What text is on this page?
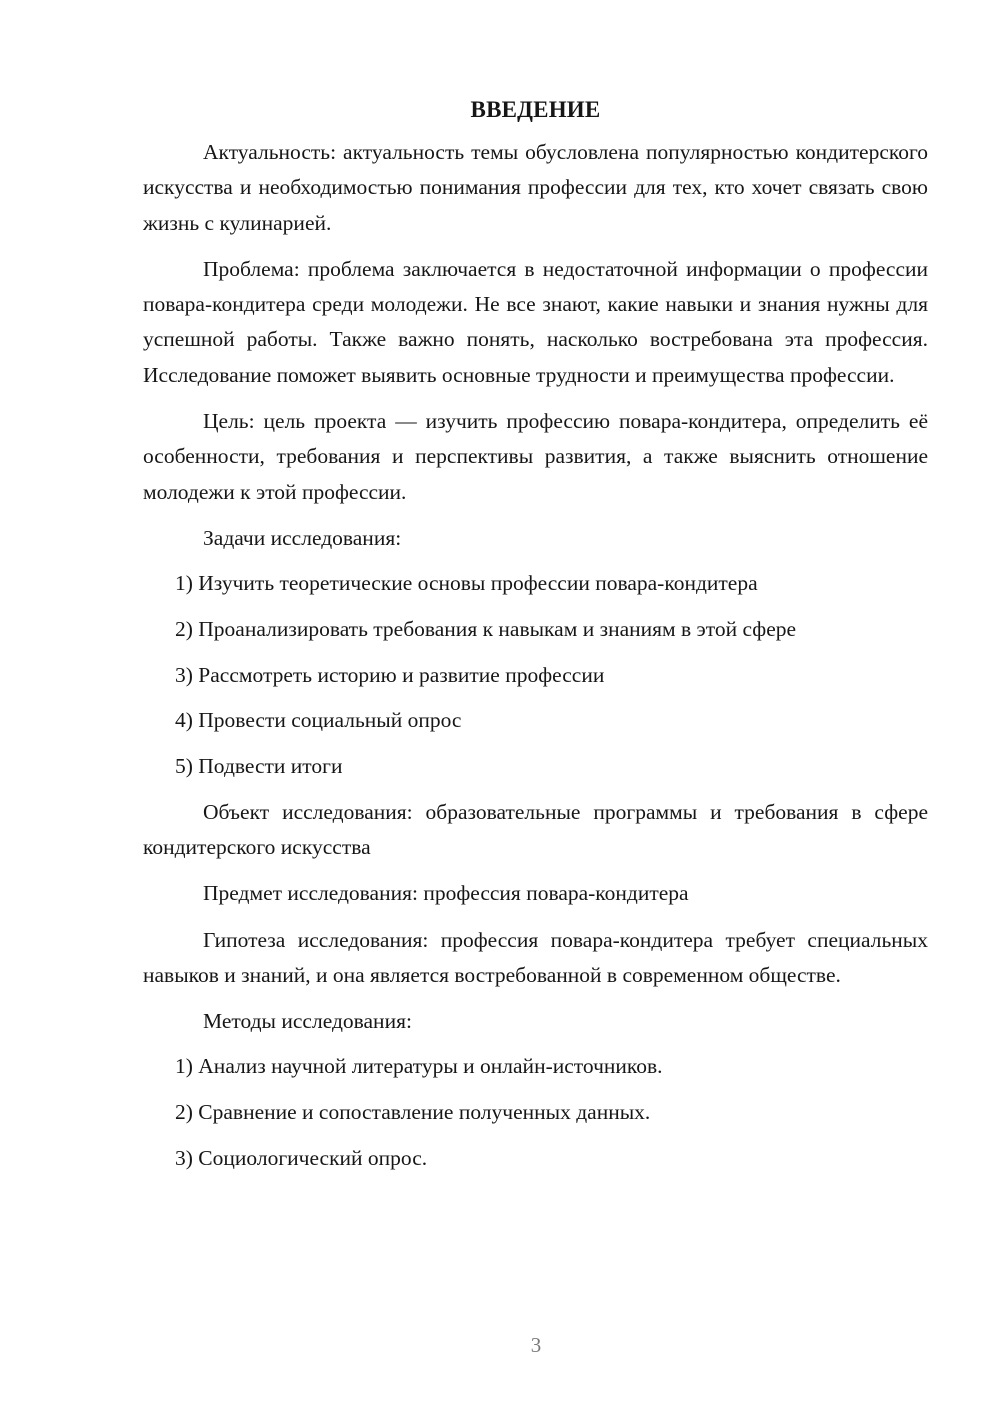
ВВЕДЕНИЕ

Актуальность: актуальность темы обусловлена популярностью кондитерского искусства и необходимостью понимания профессии для тех, кто хочет связать свою жизнь с кулинарией.

Проблема: проблема заключается в недостаточной информации о профессии повара-кондитера среди молодежи. Не все знают, какие навыки и знания нужны для успешной работы. Также важно понять, насколько востребована эта профессия. Исследование поможет выявить основные трудности и преимущества профессии.

Цель: цель проекта — изучить профессию повара-кондитера, определить её особенности, требования и перспективы развития, а также выяснить отношение молодежи к этой профессии.

Задачи исследования:

1) Изучить теоретические основы профессии повара-кондитера
2) Проанализировать требования к навыкам и знаниям в этой сфере
3) Рассмотреть историю и развитие профессии
4) Провести социальный опрос
5) Подвести итоги

Объект исследования: образовательные программы и требования в сфере кондитерского искусства

Предмет исследования: профессия повара-кондитера

Гипотеза исследования: профессия повара-кондитера требует специальных навыков и знаний, и она является востребованной в современном обществе.

Методы исследования:

1) Анализ научной литературы и онлайн-источников.
2) Сравнение и сопоставление полученных данных.
3) Социологический опрос.
3
